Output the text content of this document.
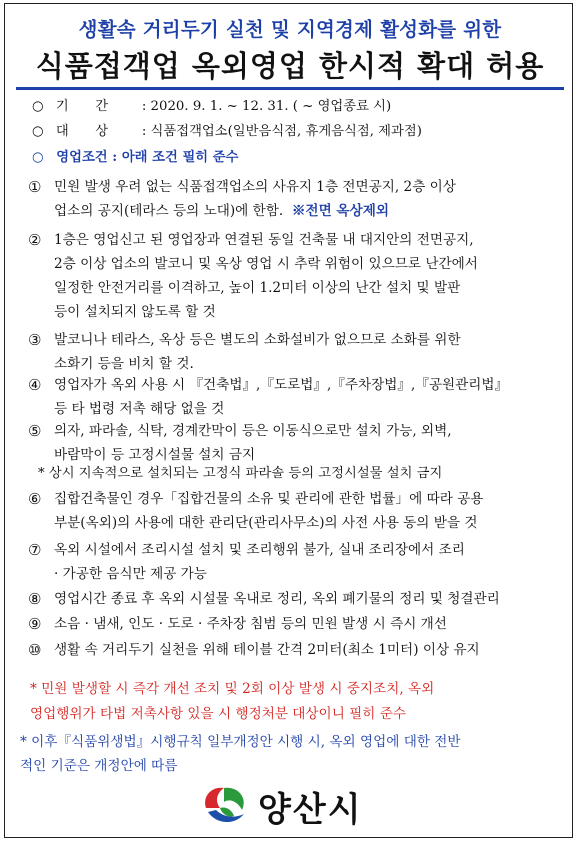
생활속 거리두기 실천 및 지역경제 활성화를 위한
식품접객업 옥외영업 한시적 확대 허용
○ 기　　간	: 2020. 9. 1. ~ 12. 31. ( ~ 영업종료 시)
○ 대　　상	: 식품접객업소(일반음식점, 휴게음식점, 제과점)
○ 영업조건 : 아래 조건 필히 준수
① 민원 발생 우려 없는 식품접객업소의 사유지 1층 전면공지, 2층 이상
업소의 공지(테라스 등의 노대)에 한함. ※전면 옥상제외
② 1층은 영업신고 된 영업장과 연결된 동일 건축물 내 대지안의 전면공지,
2층 이상 업소의 발코니 및 옥상 영업 시 추락 위험이 있으므로 난간에서
일정한 안전거리를 이격하고, 높이 1.2미터 이상의 난간 설치 및 발판
등이 설치되지 않도록 할 것
③ 발코니나 테라스, 옥상 등은 별도의 소화설비가 없으므로 소화를 위한
소화기 등을 비치 할 것.
④ 영업자가 옥외 사용 시 『건축법』,『도로법』,『주차장법』,『공원관리법』
등 타 법령 저촉 해당 없을 것
⑤ 의자, 파라솔, 식탁, 경계칸막이 등은 이동식으로만 설치 가능, 외벽,
바람막이 등 고정시설물 설치 금지
* 상시 지속적으로 설치되는 고정식 파라솔 등의 고정시설물 설치 금지
⑥ 집합건축물인 경우「집합건물의 소유 및 관리에 관한 법률」에 따라 공용
부분(옥외)의 사용에 대한 관리단(관리사무소)의 사전 사용 동의 받을 것
⑦ 옥외 시설에서 조리시설 설치 및 조리행위 불가, 실내 조리장에서 조리
· 가공한 음식만 제공 가능
⑧ 영업시간 종료 후 옥외 시설물 옥내로 정리, 옥외 폐기물의 정리 및 청결관리
⑨ 소음 · 냄새, 인도 · 도로 · 주차장 침범 등의 민원 발생 시 즉시 개선
⑩ 생활 속 거리두기 실천을 위해 테이블 간격 2미터(최소 1미터) 이상 유지
* 민원 발생할 시 즉각 개선 조치 및 2회 이상 발생 시 중지조치, 옥외
영업행위가 타법 저촉사항 있을 시 행정처분 대상이니 필히 준수
* 이후『식품위생법』시행규칙 일부개정안 시행 시, 옥외 영업에 대한 전반
적인 기준은 개정안에 따름
양산시
